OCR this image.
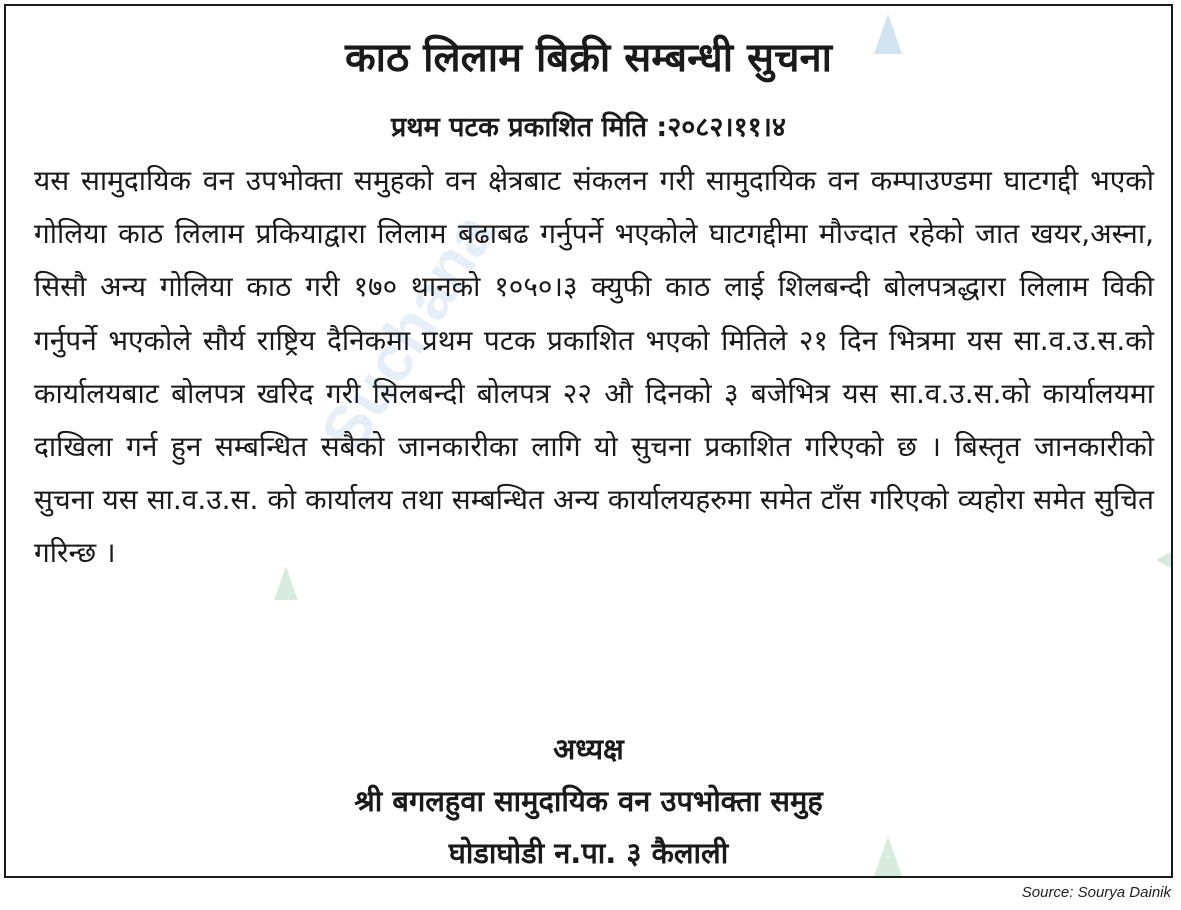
Suchana
काठ लिलाम बिक्री सम्बन्धी सुचना
प्रथम पटक प्रकाशित मिति :२०८२।११।४

यस सामुदायिक वन उपभोक्ता समुहको वन क्षेत्रबाट संकलन गरी सामुदायिक वन कम्पाउण्डमा घाटगद्दी भएको गोलिया काठ लिलाम प्रकियाद्वारा लिलाम बढाबढ गर्नुपर्ने भएकोले घाटगद्दीमा मौज्दात रहेको जात खयर,अस्ना, सिसौ अन्य गोलिया काठ गरी १७० थानको १०५०।३ क्युफी काठ लाई शिलबन्दी बोलपत्रद्धारा लिलाम विकी गर्नुपर्ने भएकोले सौर्य राष्ट्रिय दैनिकमा प्रथम पटक प्रकाशित भएको मितिले २१ दिन भित्रमा यस सा.व.उ.स.को कार्यालयबाट बोलपत्र खरिद गरी सिलबन्दी बोलपत्र २२ औ दिनको ३ बजेभित्र यस सा.व.उ.स.को कार्यालयमा दाखिला गर्न हुन सम्बन्धित सबैको जानकारीका लागि यो सुचना प्रकाशित गरिएको छ । बिस्तृत जानकारीको सुचना यस सा.व.उ.स. को कार्यालय तथा सम्बन्धित अन्य कार्यालयहरुमा समेत टाँस गरिएको व्यहोरा समेत सुचित गरिन्छ ।

अध्यक्ष
श्री बगलहुवा सामुदायिक वन उपभोक्ता समुह
घोडाघोडी न.पा. ३ कैलाली
Source: Sourya Dainik
